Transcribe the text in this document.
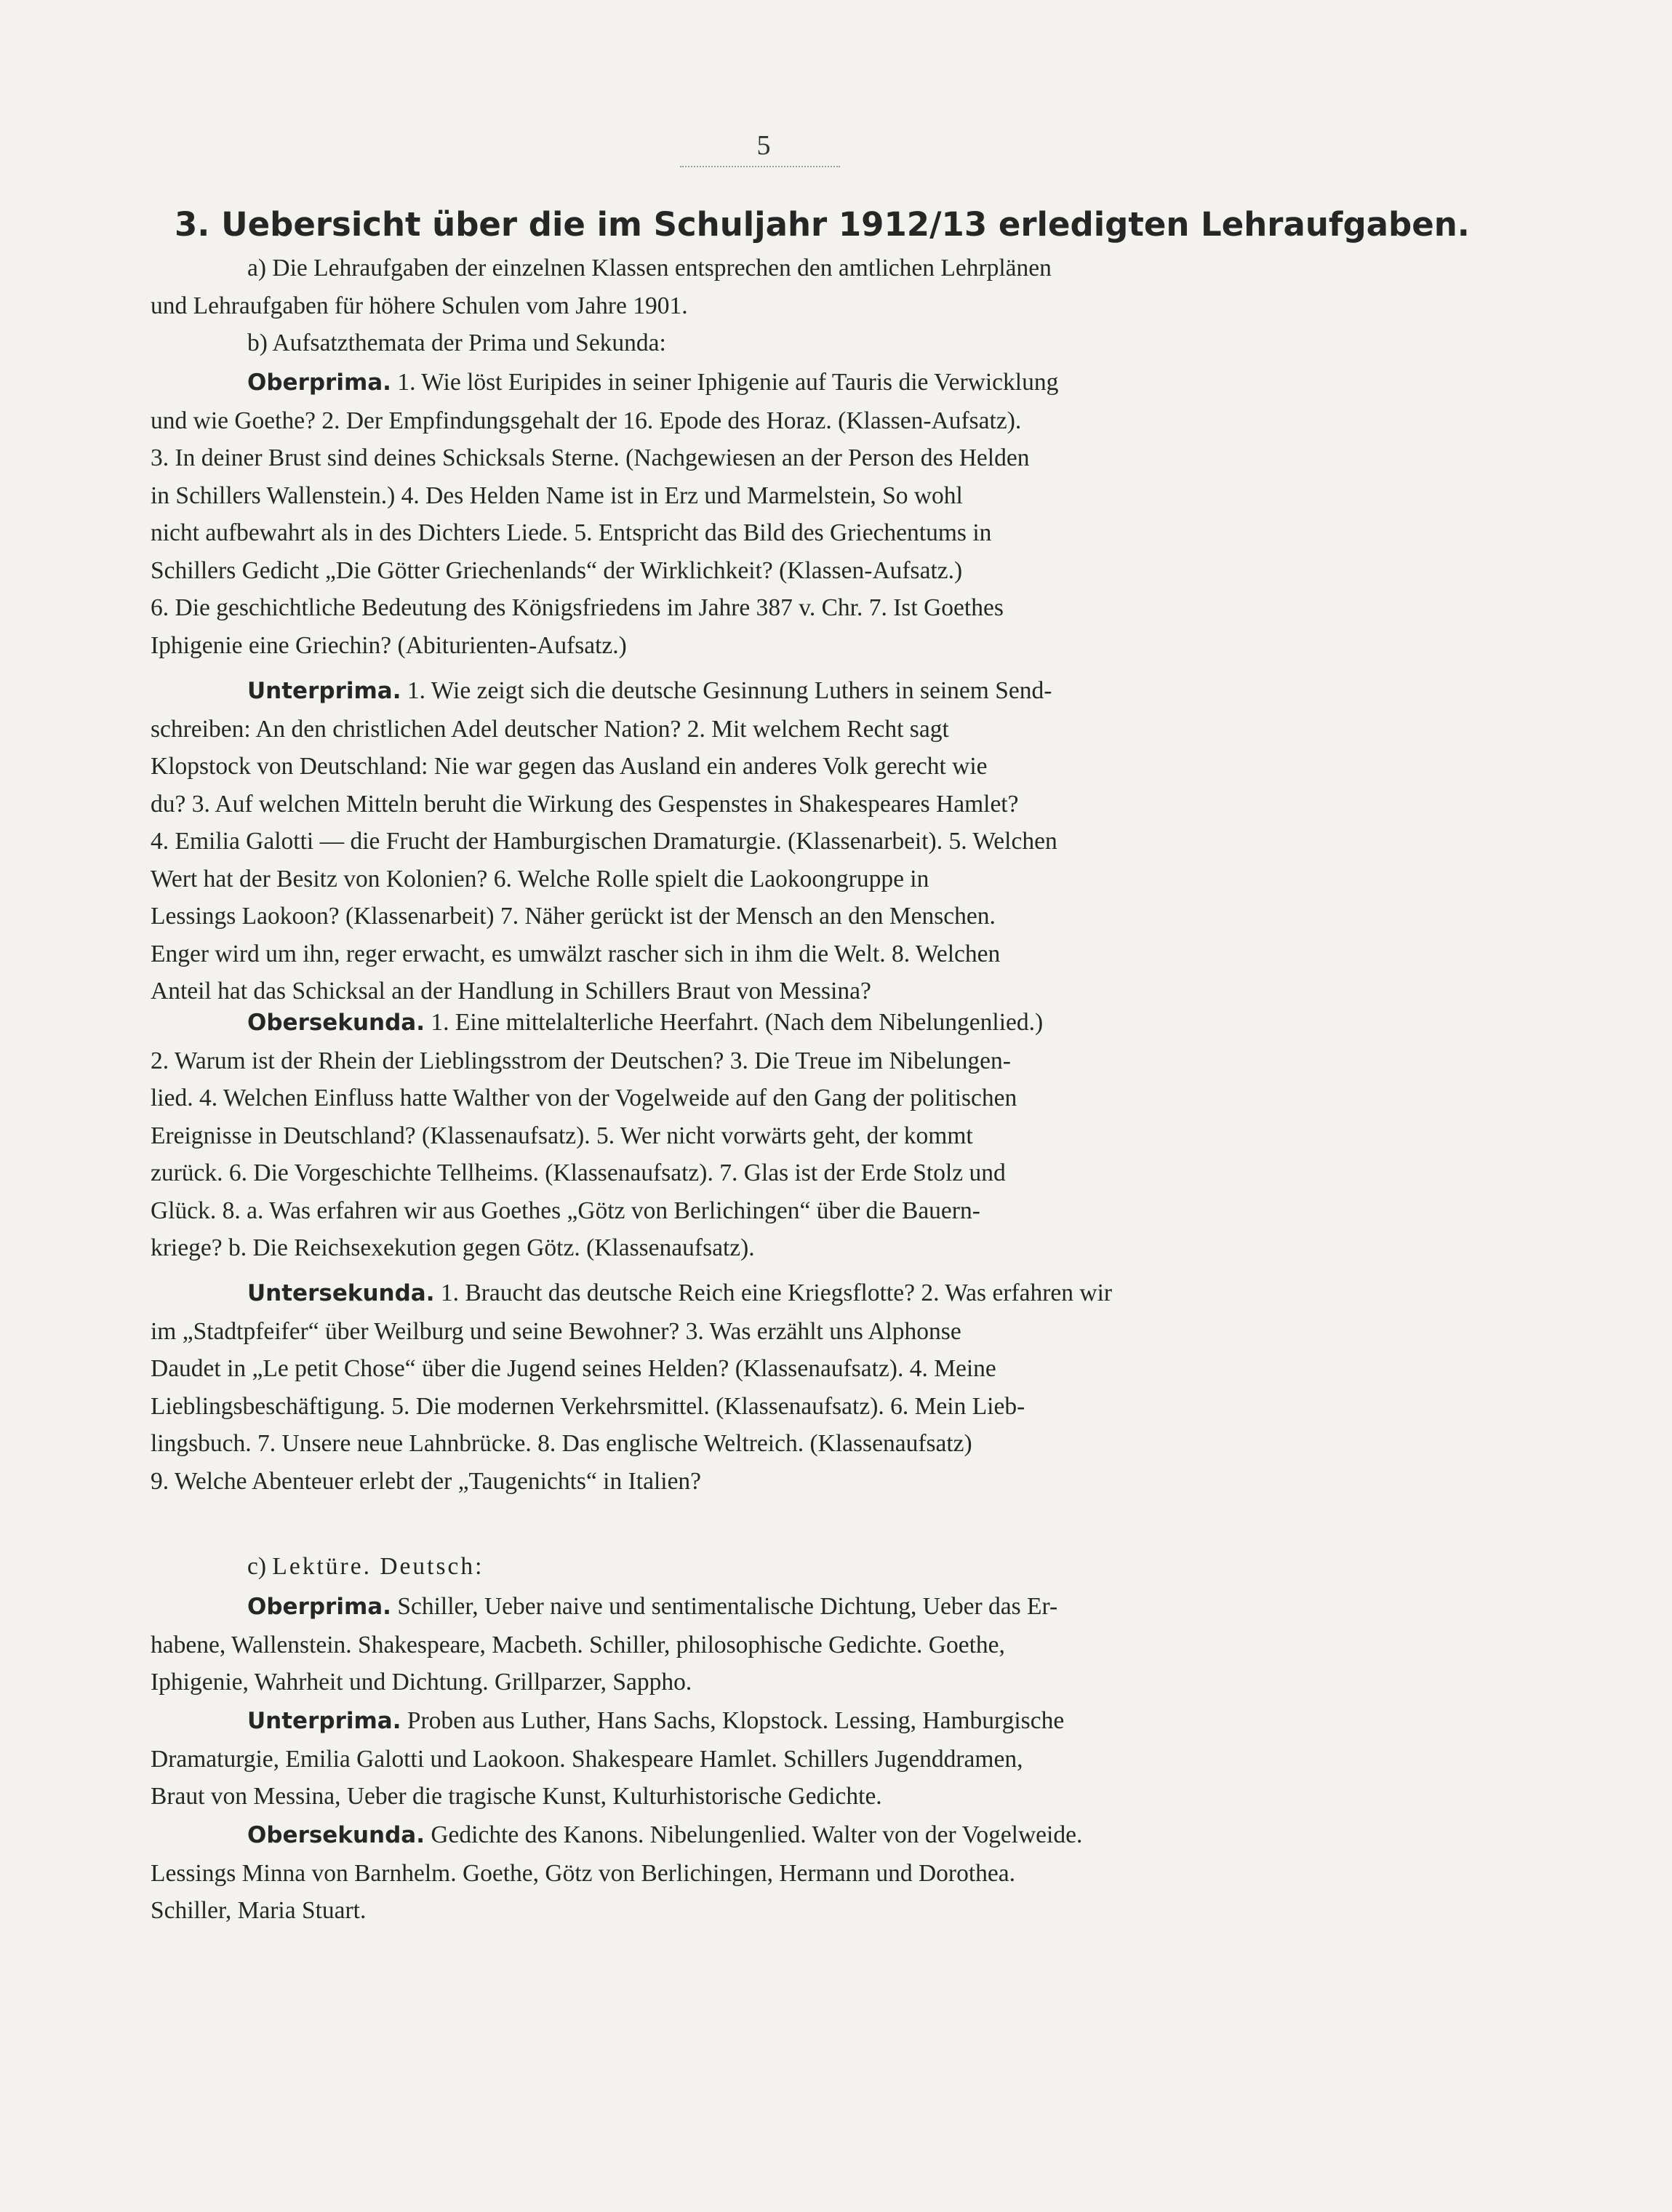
5
3. Uebersicht über die im Schuljahr 1912/13 erledigten Lehraufgaben.
a) Die Lehraufgaben der einzelnen Klassen entsprechen den amtlichen Lehrplänen
und Lehraufgaben für höhere Schulen vom Jahre 1901.
b) Aufsatzthemata der Prima und Sekunda:
Oberprima. 1. Wie löst Euripides in seiner Iphigenie auf Tauris die Verwicklung
und wie Goethe? 2. Der Empfindungsgehalt der 16. Epode des Horaz. (Klassen-Aufsatz).
3. In deiner Brust sind deines Schicksals Sterne. (Nachgewiesen an der Person des Helden
in Schillers Wallenstein.) 4. Des Helden Name ist in Erz und Marmelstein, So wohl
nicht aufbewahrt als in des Dichters Liede. 5. Entspricht das Bild des Griechentums in
Schillers Gedicht „Die Götter Griechenlands“ der Wirklichkeit? (Klassen-Aufsatz.)
6. Die geschichtliche Bedeutung des Königsfriedens im Jahre 387 v. Chr. 7. Ist Goethes
Iphigenie eine Griechin? (Abiturienten-Aufsatz.)
Unterprima. 1. Wie zeigt sich die deutsche Gesinnung Luthers in seinem Send-
schreiben: An den christlichen Adel deutscher Nation? 2. Mit welchem Recht sagt
Klopstock von Deutschland: Nie war gegen das Ausland ein anderes Volk gerecht wie
du? 3. Auf welchen Mitteln beruht die Wirkung des Gespenstes in Shakespeares Hamlet?
4. Emilia Galotti — die Frucht der Hamburgischen Dramaturgie. (Klassenarbeit). 5. Welchen
Wert hat der Besitz von Kolonien? 6. Welche Rolle spielt die Laokoongruppe in
Lessings Laokoon? (Klassenarbeit) 7. Näher gerückt ist der Mensch an den Menschen.
Enger wird um ihn, reger erwacht, es umwälzt rascher sich in ihm die Welt. 8. Welchen
Anteil hat das Schicksal an der Handlung in Schillers Braut von Messina?
Obersekunda. 1. Eine mittelalterliche Heerfahrt. (Nach dem Nibelungenlied.)
2. Warum ist der Rhein der Lieblingsstrom der Deutschen? 3. Die Treue im Nibelungen-
lied. 4. Welchen Einfluss hatte Walther von der Vogelweide auf den Gang der politischen
Ereignisse in Deutschland? (Klassenaufsatz). 5. Wer nicht vorwärts geht, der kommt
zurück. 6. Die Vorgeschichte Tellheims. (Klassenaufsatz). 7. Glas ist der Erde Stolz und
Glück. 8. a. Was erfahren wir aus Goethes „Götz von Berlichingen“ über die Bauern-
kriege? b. Die Reichsexekution gegen Götz. (Klassenaufsatz).
Untersekunda. 1. Braucht das deutsche Reich eine Kriegsflotte? 2. Was erfahren wir
im „Stadtpfeifer“ über Weilburg und seine Bewohner? 3. Was erzählt uns Alphonse
Daudet in „Le petit Chose“ über die Jugend seines Helden? (Klassenaufsatz). 4. Meine
Lieblingsbeschäftigung. 5. Die modernen Verkehrsmittel. (Klassenaufsatz). 6. Mein Lieb-
lingsbuch. 7. Unsere neue Lahnbrücke. 8. Das englische Weltreich. (Klassenaufsatz)
9. Welche Abenteuer erlebt der „Taugenichts“ in Italien?
c) Lektüre. Deutsch:
Oberprima. Schiller, Ueber naive und sentimentalische Dichtung, Ueber das Er-
habene, Wallenstein. Shakespeare, Macbeth. Schiller, philosophische Gedichte. Goethe,
Iphigenie, Wahrheit und Dichtung. Grillparzer, Sappho.
Unterprima. Proben aus Luther, Hans Sachs, Klopstock. Lessing, Hamburgische
Dramaturgie, Emilia Galotti und Laokoon. Shakespeare Hamlet. Schillers Jugenddramen,
Braut von Messina, Ueber die tragische Kunst, Kulturhistorische Gedichte.
Obersekunda. Gedichte des Kanons. Nibelungenlied. Walter von der Vogelweide.
Lessings Minna von Barnhelm. Goethe, Götz von Berlichingen, Hermann und Dorothea.
Schiller, Maria Stuart.
